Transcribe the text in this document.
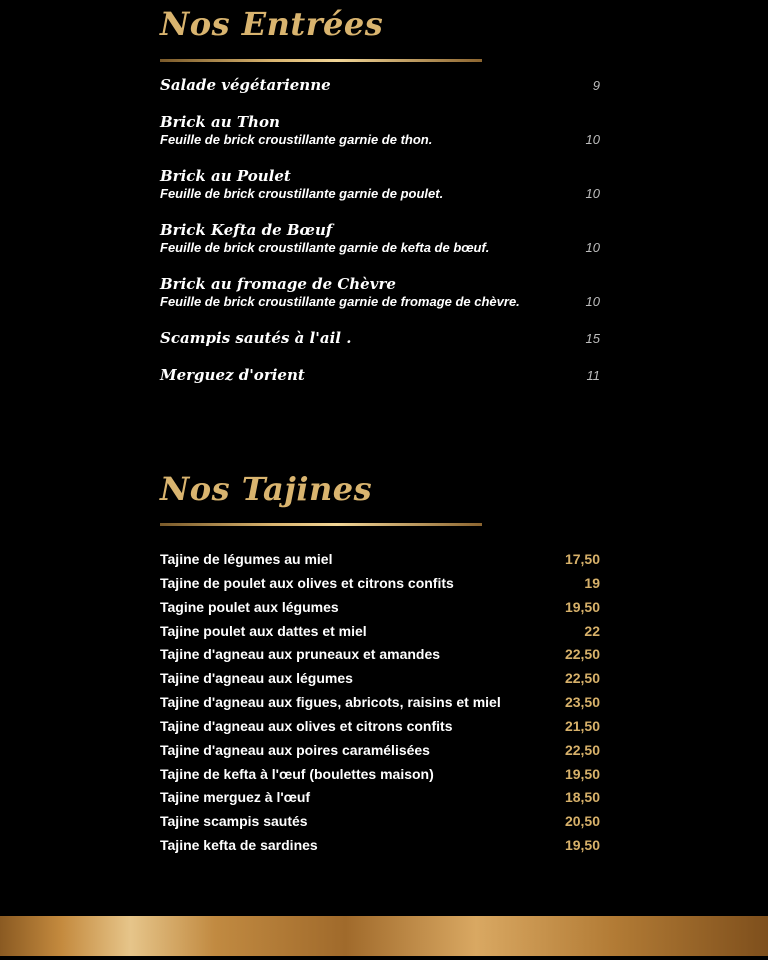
Nos Entrées
Salade végétarienne	9
Brick au Thon
Feuille de brick croustillante garnie de thon.	10
Brick au Poulet
Feuille de brick croustillante garnie de poulet.	10
Brick Kefta de Bœuf
Feuille de brick croustillante garnie de kefta de bœuf.	10
Brick au fromage de Chèvre
Feuille de brick croustillante garnie de fromage de chèvre.	10
Scampis sautés à l'ail .	15
Merguez d'orient	11
Nos Tajines
Tajine de légumes au miel	17,50
Tajine de poulet aux olives et citrons confits	19
Tagine poulet aux légumes	19,50
Tajine poulet aux dattes et miel	22
Tajine d'agneau aux pruneaux et amandes	22,50
Tajine d'agneau aux légumes	22,50
Tajine d'agneau aux figues, abricots, raisins et miel	23,50
Tajine d'agneau aux olives et citrons confits	21,50
Tajine d'agneau aux poires caramélisées	22,50
Tajine de kefta à l'œuf (boulettes maison)	19,50
Tajine merguez à l'œuf	18,50
Tajine scampis sautés	20,50
Tajine kefta de sardines	19,50
